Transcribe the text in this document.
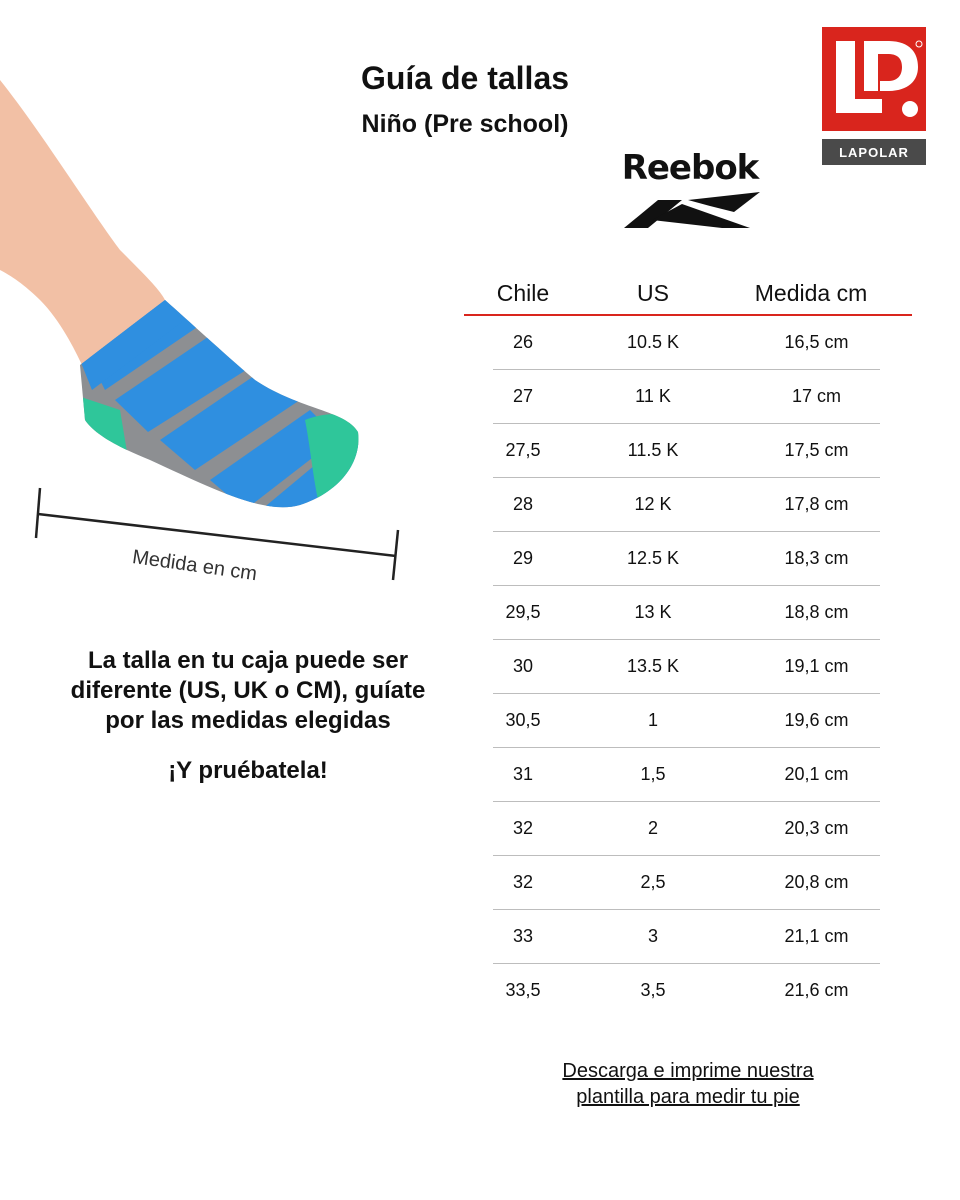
Guía de tallas
Niño (Pre school)
LAPOLAR
Reebok

Medida en cm

La talla en tu caja puede ser
diferente (US, UK o CM), guíate
por las medidas elegidas

¡Y pruébatela!

Chile	US	Medida cm
26	10.5 K	16,5 cm
27	11 K	17 cm
27,5	11.5 K	17,5 cm
28	12 K	17,8 cm
29	12.5 K	18,3 cm
29,5	13 K	18,8 cm
30	13.5 K	19,1 cm
30,5	1	19,6 cm
31	1,5	20,1 cm
32	2	20,3 cm
32	2,5	20,8 cm
33	3	21,1 cm
33,5	3,5	21,6 cm

Descarga e imprime nuestra
plantilla para medir tu pie
